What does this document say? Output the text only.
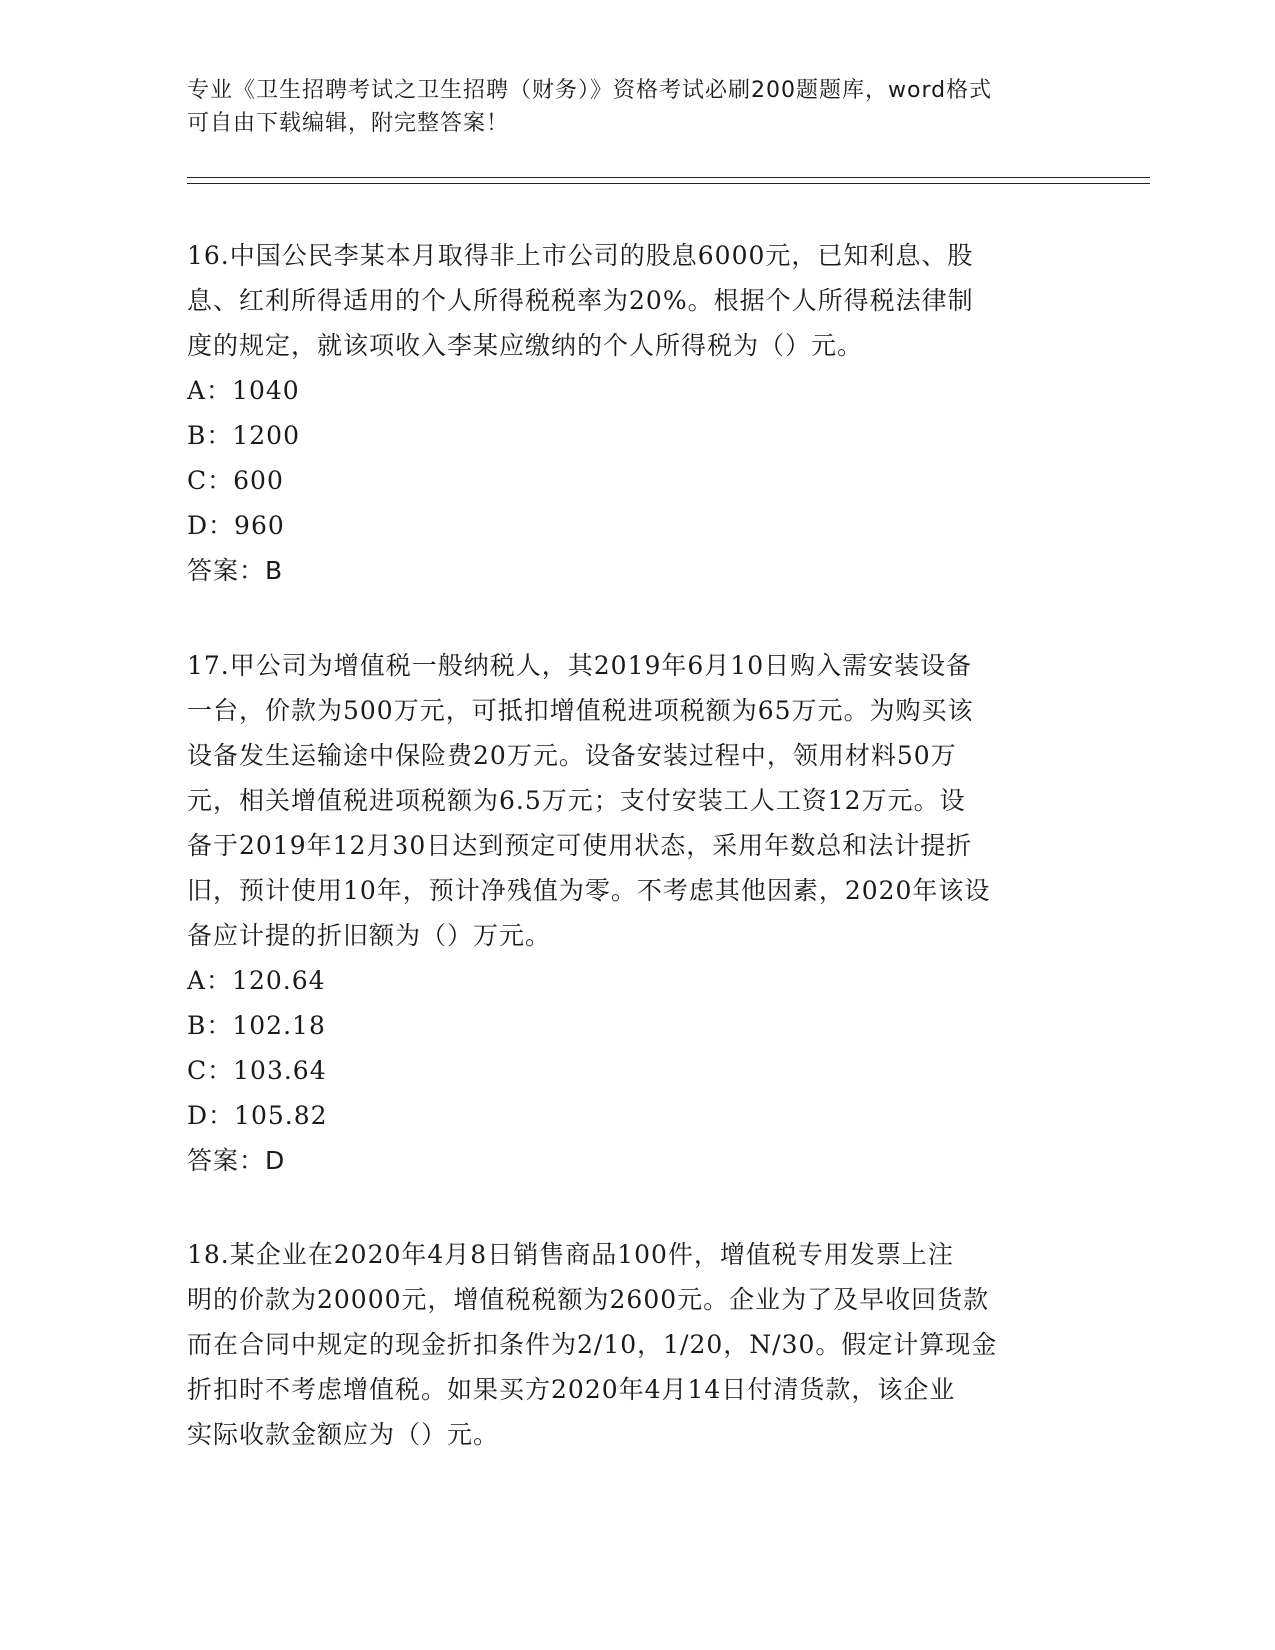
专业《卫生招聘考试之卫生招聘（财务）》资格考试必刷200题题库，word格式
可自由下载编辑，附完整答案！
16.中国公民李某本月取得非上市公司的股息6000元，已知利息、股
息、红利所得适用的个人所得税税率为20%。根据个人所得税法律制
度的规定，就该项收入李某应缴纳的个人所得税为（）元。
A：1040
B：1200
C：600
D：960
答案：B
17.甲公司为增值税一般纳税人，其2019年6月10日购入需安装设备
一台，价款为500万元，可抵扣增值税进项税额为65万元。为购买该
设备发生运输途中保险费20万元。设备安装过程中，领用材料50万
元，相关增值税进项税额为6.5万元；支付安装工人工资12万元。设
备于2019年12月30日达到预定可使用状态，采用年数总和法计提折
旧，预计使用10年，预计净残值为零。不考虑其他因素，2020年该设
备应计提的折旧额为（）万元。
A：120.64
B：102.18
C：103.64
D：105.82
答案：D
18.某企业在2020年4月8日销售商品100件，增值税专用发票上注
明的价款为20000元，增值税税额为2600元。企业为了及早收回货款
而在合同中规定的现金折扣条件为2/10，1/20，N/30。假定计算现金
折扣时不考虑增值税。如果买方2020年4月14日付清货款，该企业
实际收款金额应为（）元。
